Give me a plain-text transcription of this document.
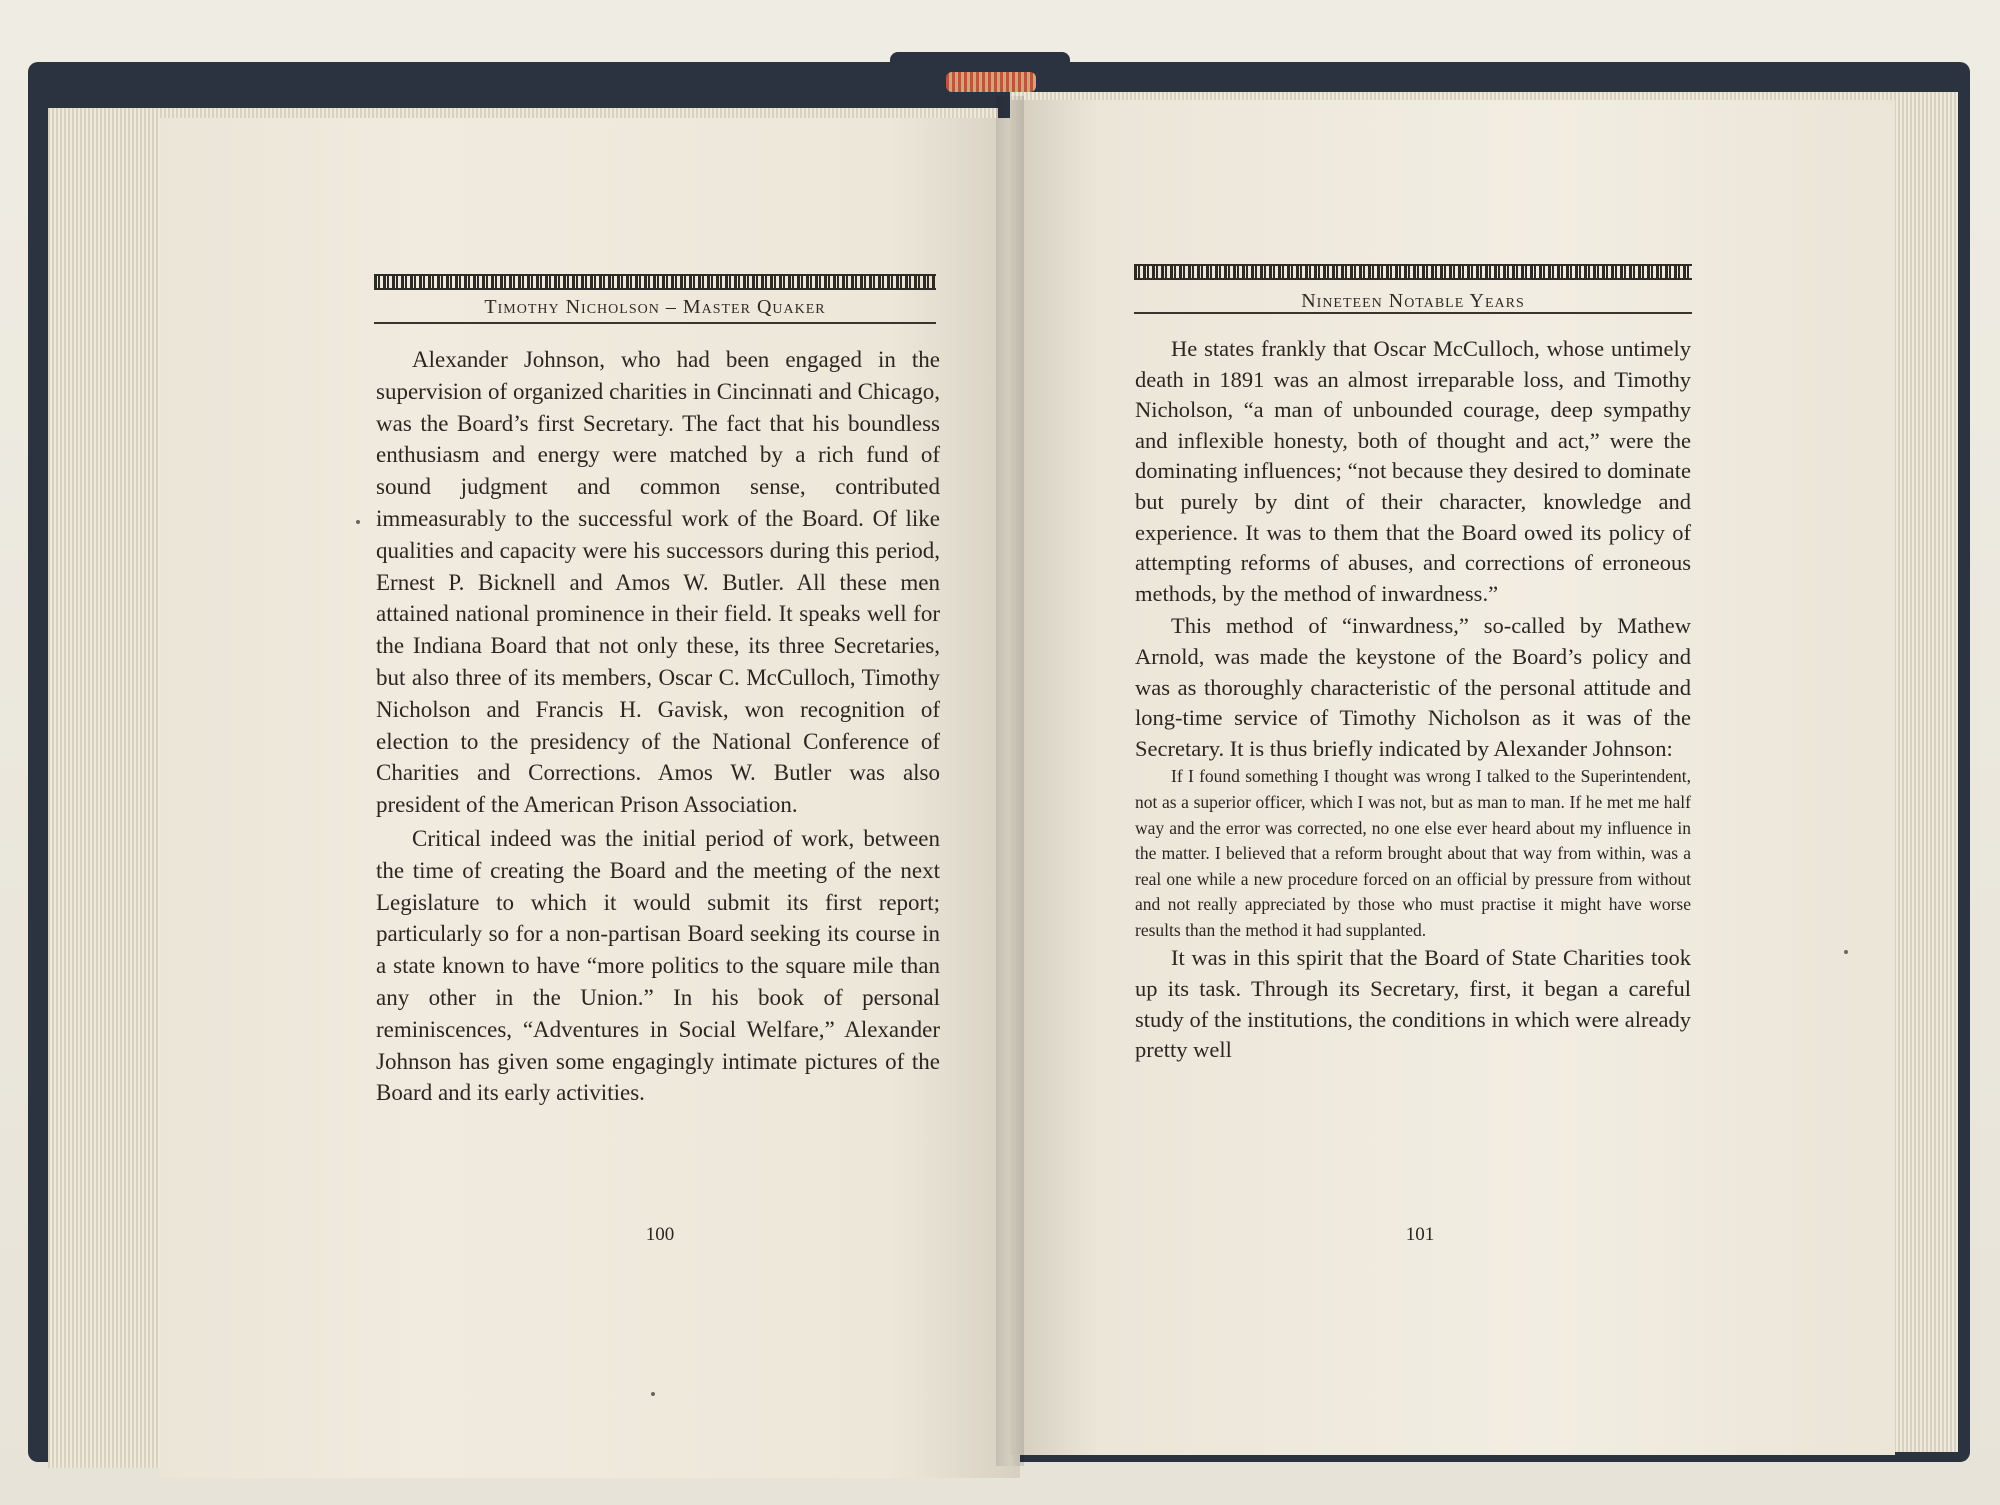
Timothy Nicholson – Master Quaker

Alexander Johnson, who had been engaged in the supervision of organized charities in Cincinnati and Chicago, was the Board’s first Secretary. The fact that his boundless enthusiasm and energy were matched by a rich fund of sound judgment and common sense, contributed immeasurably to the successful work of the Board. Of like qualities and capacity were his successors during this period, Ernest P. Bicknell and Amos W. Butler. All these men attained national prominence in their field. It speaks well for the Indiana Board that not only these, its three Secretaries, but also three of its members, Oscar C. McCulloch, Timothy Nicholson and Francis H. Gavisk, won recognition of election to the presidency of the National Conference of Charities and Corrections. Amos W. Butler was also president of the American Prison Association.

Critical indeed was the initial period of work, between the time of creating the Board and the meeting of the next Legislature to which it would submit its first report; particularly so for a non-partisan Board seeking its course in a state known to have “more politics to the square mile than any other in the Union.” In his book of personal reminiscences, “Adventures in Social Welfare,” Alexander Johnson has given some engagingly intimate pictures of the Board and its early activities.

100
Nineteen Notable Years

He states frankly that Oscar McCulloch, whose untimely death in 1891 was an almost irreparable loss, and Timothy Nicholson, “a man of unbounded courage, deep sympathy and inflexible honesty, both of thought and act,” were the dominating influences; “not because they desired to dominate but purely by dint of their character, knowledge and experience. It was to them that the Board owed its policy of attempting reforms of abuses, and corrections of erroneous methods, by the method of inwardness.”

This method of “inwardness,” so-called by Mathew Arnold, was made the keystone of the Board’s policy and was as thoroughly characteristic of the personal attitude and long-time service of Timothy Nicholson as it was of the Secretary. It is thus briefly indicated by Alexander Johnson:

If I found something I thought was wrong I talked to the Superintendent, not as a superior officer, which I was not, but as man to man. If he met me half way and the error was corrected, no one else ever heard about my influence in the matter. I believed that a reform brought about that way from within, was a real one while a new procedure forced on an official by pressure from without and not really appreciated by those who must practise it might have worse results than the method it had supplanted.

It was in this spirit that the Board of State Charities took up its task. Through its Secretary, first, it began a careful study of the institutions, the conditions in which were already pretty well

101
